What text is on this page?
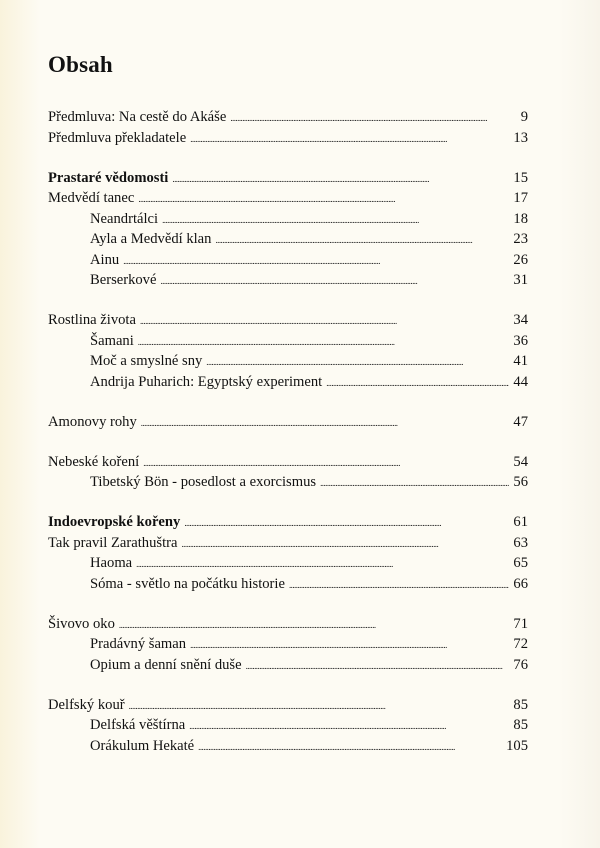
Obsah
Předmluva: Na cestě do Akáše . . .	9
Předmluva překladatele . . .	13
Prastaré vědomosti . . .	15
Medvědí tanec . . .	17
Neandrtálci . . .	18
Ayla a Medvědí klan . . .	23
Ainu . . .	26
Berserkové . . .	31
Rostlina života . . .	34
Šamani . . .	36
Moč a smyslné sny . . .	41
Andrija Puharich: Egyptský experiment . . .	44
Amonovy rohy . . .	47
Nebeské koření . . .	54
Tibetský Bön - posedlost a exorcismus . . .	56
Indoevropské kořeny . . .	61
Tak pravil Zarathuštra . . .	63
Haoma . . .	65
Sóma - světlo na počátku historie . . .	66
Šivovo oko . . .	71
Pradávný šaman . . .	72
Opium a denní snění duše . . .	76
Delfský kouř . . .	85
Delfská věštírna . . .	85
Orákulum Hekaté . . .	105
